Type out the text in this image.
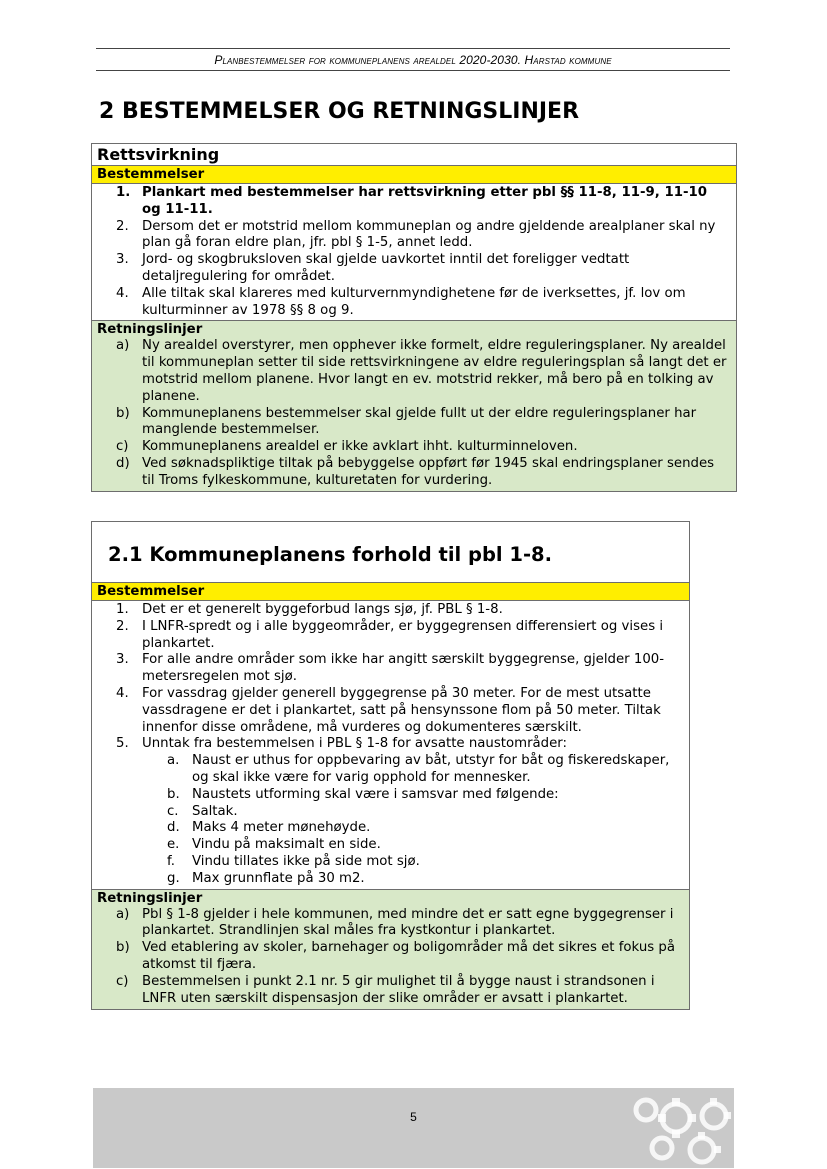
Planbestemmelser for kommuneplanens arealdel 2020-2030. Harstad kommune
2 BESTEMMELSER OG RETNINGSLINJER
Rettsvirkning
Bestemmelser
1. Plankart med bestemmelser har rettsvirkning etter pbl §§ 11-8, 11-9, 11-10 og 11-11.
2. Dersom det er motstrid mellom kommuneplan og andre gjeldende arealplaner skal ny plan gå foran eldre plan, jfr. pbl § 1-5, annet ledd.
3. Jord- og skogbruksloven skal gjelde uavkortet inntil det foreligger vedtatt detaljregulering for området.
4. Alle tiltak skal klareres med kulturvernmyndighetene før de iverksettes, jf. lov om kulturminner av 1978 §§ 8 og 9.
Retningslinjer
a) Ny arealdel overstyrer, men opphever ikke formelt, eldre reguleringsplaner. Ny arealdel til kommuneplan setter til side rettsvirkningene av eldre reguleringsplan så langt det er motstrid mellom planene. Hvor langt en ev. motstrid rekker, må bero på en tolking av planene.
b) Kommuneplanens bestemmelser skal gjelde fullt ut der eldre reguleringsplaner har manglende bestemmelser.
c) Kommuneplanens arealdel er ikke avklart ihht. kulturminneloven.
d) Ved søknadspliktige tiltak på bebyggelse oppført før 1945 skal endringsplaner sendes til Troms fylkeskommune, kulturetaten for vurdering.
2.1 Kommuneplanens forhold til pbl 1-8.
Bestemmelser
1. Det er et generelt byggeforbud langs sjø, jf. PBL § 1-8.
2. I LNFR-spredt og i alle byggeområder, er byggegrensen differensiert og vises i plankartet.
3. For alle andre områder som ikke har angitt særskilt byggegrense, gjelder 100-metersregelen mot sjø.
4. For vassdrag gjelder generell byggegrense på 30 meter. For de mest utsatte vassdragene er det i plankartet, satt på hensynssone flom på 50 meter. Tiltak innenfor disse områdene, må vurderes og dokumenteres særskilt.
5. Unntak fra bestemmelsen i PBL § 1-8 for avsatte naustområder:
a. Naust er uthus for oppbevaring av båt, utstyr for båt og fiskeredskaper, og skal ikke være for varig opphold for mennesker.
b. Naustets utforming skal være i samsvar med følgende:
c. Saltak.
d. Maks 4 meter mønehøyde.
e. Vindu på maksimalt en side.
f. Vindu tillates ikke på side mot sjø.
g. Max grunnflate på 30 m2.
Retningslinjer
a) Pbl § 1-8 gjelder i hele kommunen, med mindre det er satt egne byggegrenser i plankartet. Strandlinjen skal måles fra kystkontur i plankartet.
b) Ved etablering av skoler, barnehager og boligområder må det sikres et fokus på atkomst til fjæra.
c) Bestemmelsen i punkt 2.1 nr. 5 gir mulighet til å bygge naust i strandsonen i LNFR uten særskilt dispensasjon der slike områder er avsatt i plankartet.
5
